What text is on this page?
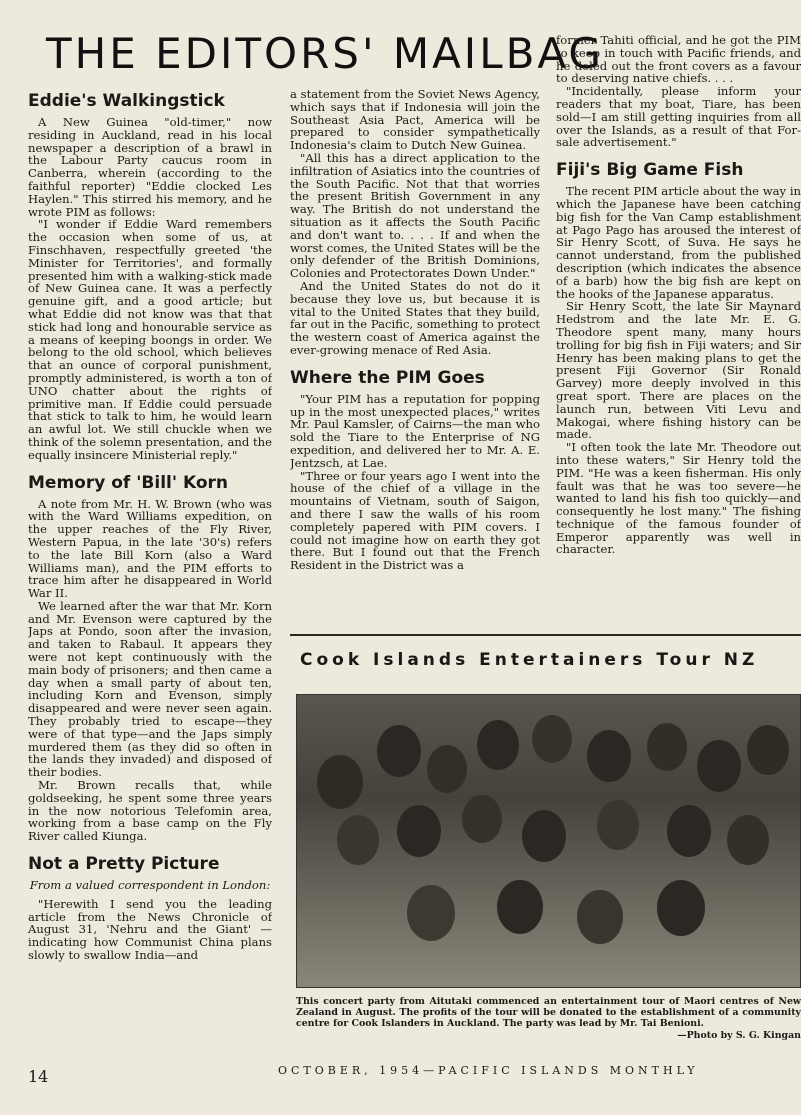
THE EDITORS' MAILBAG
Eddie's Walkingstick

A New Guinea "old-timer," now residing in Auckland, read in his local newspaper a description of a brawl in the Labour Party caucus room in Canberra, wherein (according to the faithful reporter) "Eddie clocked Les Haylen." This stirred his memory, and he wrote PIM as follows:

"I wonder if Eddie Ward remembers the occasion when some of us, at Finschhaven, respectfully greeted 'the Minister for Territories', and formally presented him with a walking-stick made of New Guinea cane. It was a perfectly genuine gift, and a good article; but what Eddie did not know was that that stick had long and honourable service as a means of keeping boongs in order. We belong to the old school, which believes that an ounce of corporal punishment, promptly administered, is worth a ton of UNO chatter about the rights of primitive man. If Eddie could persuade that stick to talk to him, he would learn an awful lot. We still chuckle when we think of the solemn presentation, and the equally insincere Ministerial reply."

Memory of 'Bill' Korn

A note from Mr. H. W. Brown (who was with the Ward Williams expedition, on the upper reaches of the Fly River, Western Papua, in the late '30's) refers to the late Bill Korn (also a Ward Williams man), and the PIM efforts to trace him after he disappeared in World War II.

We learned after the war that Mr. Korn and Mr. Evenson were captured by the Japs at Pondo, soon after the invasion, and taken to Rabaul. It appears they were not kept continuously with the main body of prisoners; and then came a day when a small party of about ten, including Korn and Evenson, simply disappeared and were never seen again. They probably tried to escape—they were of that type—and the Japs simply murdered them (as they did so often in the lands they invaded) and disposed of their bodies.

Mr. Brown recalls that, while goldseeking, he spent some three years in the now notorious Telefomin area, working from a base camp on the Fly River called Kiunga.

Not a Pretty Picture

From a valued correspondent in London:

"Herewith I send you the leading article from the News Chronicle of August 31, 'Nehru and the Giant' —indicating how Communist China plans slowly to swallow India—and

a statement from the Soviet News Agency, which says that if Indonesia will join the Southeast Asia Pact, America will be prepared to consider sympathetically Indonesia's claim to Dutch New Guinea.

"All this has a direct application to the infiltration of Asiatics into the countries of the South Pacific. Not that that worries the present British Government in any way. The British do not understand the situation as it affects the South Pacific and don't want to. . . . If and when the worst comes, the United States will be the only defender of the British Dominions, Colonies and Protectorates Down Under."

And the United States do not do it because they love us, but because it is vital to the United States that they build, far out in the Pacific, something to protect the western coast of America against the ever-growing menace of Red Asia.

Where the PIM Goes

"Your PIM has a reputation for popping up in the most unexpected places," writes Mr. Paul Kamsler, of Cairns—the man who sold the Tiare to the Enterprise of NG expedition, and delivered her to Mr. A. E. Jentzsch, at Lae.

"Three or four years ago I went into the house of the chief of a village in the mountains of Vietnam, south of Saigon, and there I saw the walls of his room completely papered with PIM covers. I could not imagine how on earth they got there. But I found out that the French Resident in the District was a

former Tahiti official, and he got the PIM to keep in touch with Pacific friends, and he doled out the front covers as a favour to deserving native chiefs. . . .

"Incidentally, please inform your readers that my boat, Tiare, has been sold—I am still getting inquiries from all over the Islands, as a result of that For-sale advertisement."

Fiji's Big Game Fish

The recent PIM article about the way in which the Japanese have been catching big fish for the Van Camp establishment at Pago Pago has aroused the interest of Sir Henry Scott, of Suva. He says he cannot understand, from the published description (which indicates the absence of a barb) how the big fish are kept on the hooks of the Japanese apparatus.

Sir Henry Scott, the late Sir Maynard Hedstrom and the late Mr. E. G. Theodore spent many, many hours trolling for big fish in Fiji waters; and Sir Henry has been making plans to get the present Fiji Governor (Sir Ronald Garvey) more deeply involved in this great sport. There are places on the launch run, between Viti Levu and Makogai, where fishing history can be made.

"I often took the late Mr. Theodore out into these waters," Sir Henry told the PIM. "He was a keen fisherman. His only fault was that he was too severe—he wanted to land his fish too quickly—and consequently he lost many." The fishing technique of the famous founder of Emperor apparently was well in character.

Cook Islands Entertainers Tour NZ
This concert party from Aitutaki commenced an entertainment tour of Maori centres of New Zealand in August. The profits of the tour will be donated to the establishment of a community centre for Cook Islanders in Auckland. The party was lead by Mr. Tai Benioni.
—Photo by S. G. Kingan
14	OCTOBER, 1954—PACIFIC ISLANDS MONTHLY
